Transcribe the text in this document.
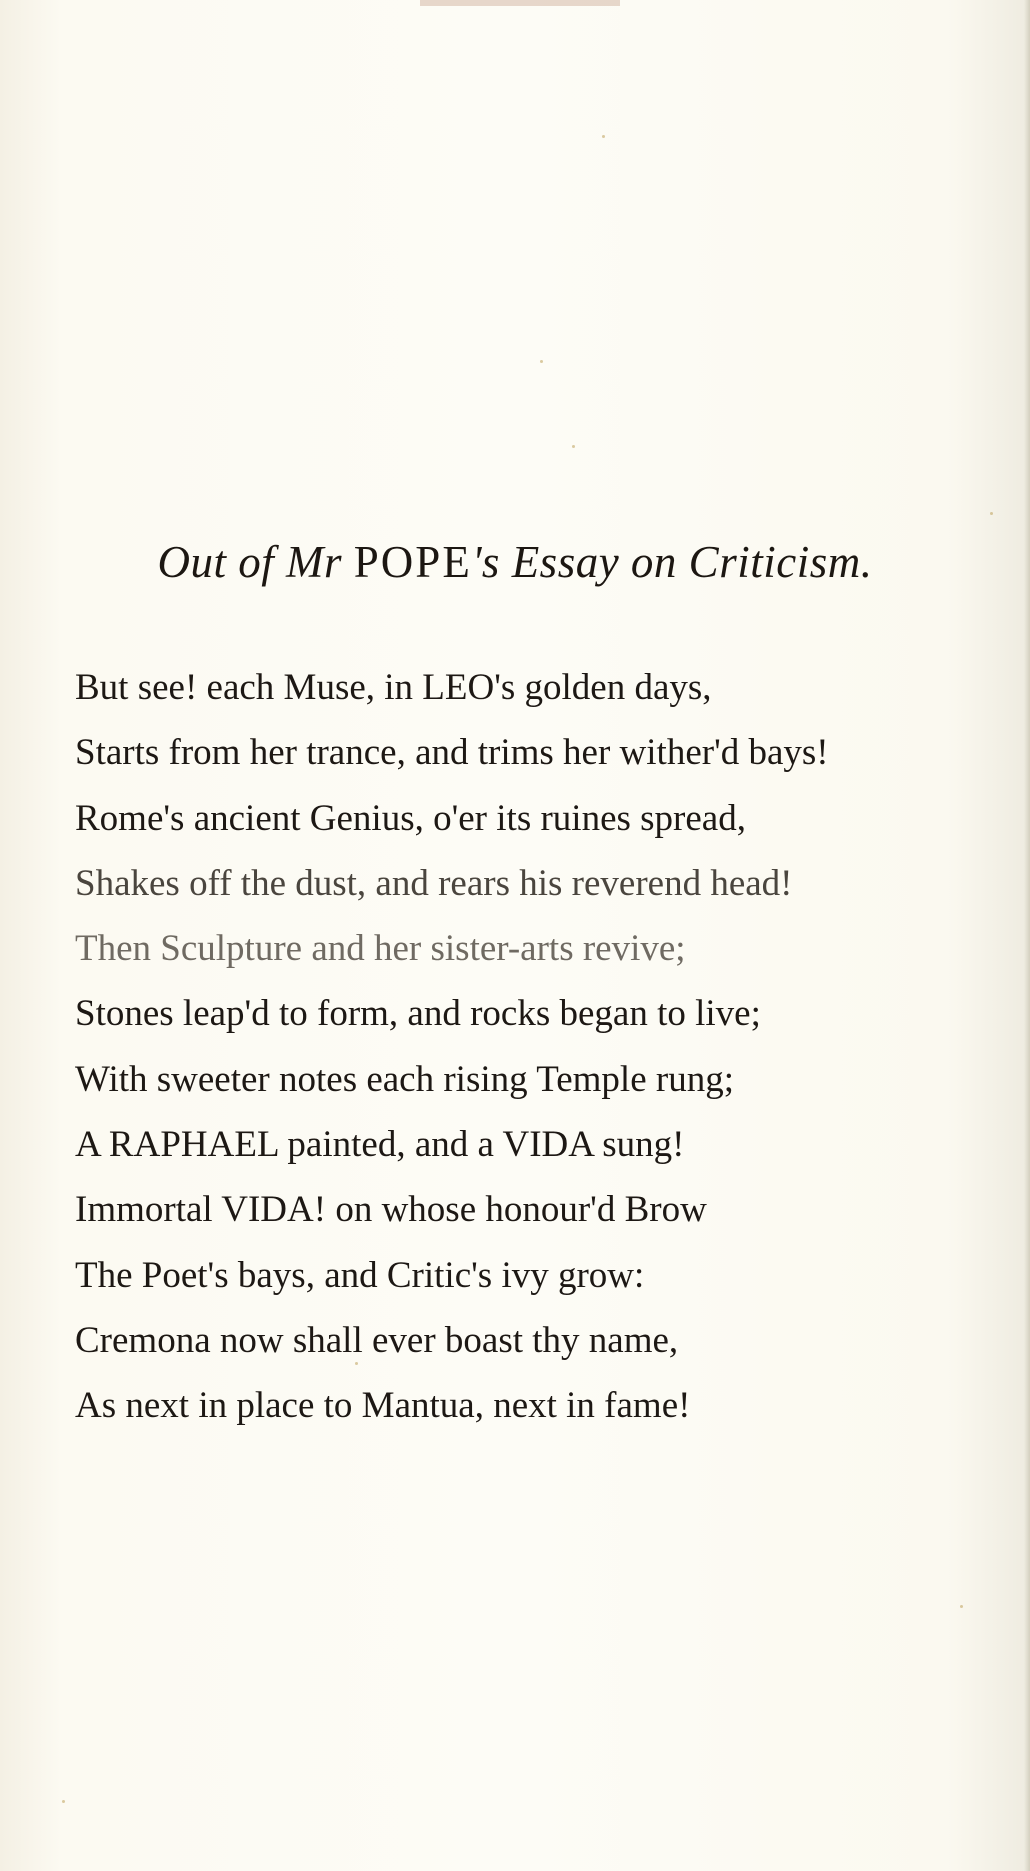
Out of Mr POPE's Essay on Criticism.
But see! each Muse, in LEO's golden days,
Starts from her trance, and trims her wither'd bays!
Rome's ancient Genius, o'er its ruines spread,
Shakes off the dust, and rears his reverend head!
Then Sculpture and her sister-arts revive;
Stones leap'd to form, and rocks began to live;
With sweeter notes each rising Temple rung;
A RAPHAEL painted, and a VIDA sung!
Immortal VIDA! on whose honour'd Brow
The Poet's bays, and Critic's ivy grow:
Cremona now shall ever boast thy name,
As next in place to Mantua, next in fame!
